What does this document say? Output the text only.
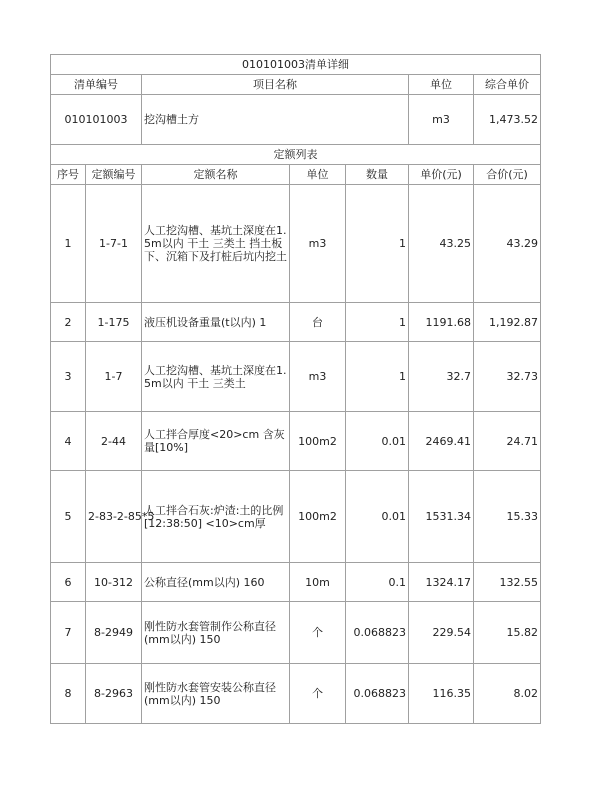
010101003清单详细						
清单编号		项目名称			单位	综合单价
010101003		挖沟槽土方			m3	1,473.52
定额列表						
序号	定额编号	定额名称	单位	数量	单价(元)	合价(元)
1	1-7-1	人工挖沟槽、基坑土深度在1.5m以内 干土 三类土 挡土板下、沉箱下及打桩后坑内挖土	m3	1	43.25	43.29
2	1-175	液压机设备重量(t以内) 1	台	1	1191.68	1,192.87
3	1-7	人工挖沟槽、基坑土深度在1.5m以内 干土 三类土	m3	1	32.7	32.73
4	2-44	人工拌合厚度<20>cm 含灰量[10%]	100m2	0.01	2469.41	24.71
5	2-83-2-85*5	人工拌合石灰:炉渣:土的比例 [12:38:50] <10>cm厚	100m2	0.01	1531.34	15.33
6	10-312	公称直径(mm以内) 160	10m	0.1	1324.17	132.55
7	8-2949	刚性防水套管制作公称直径(mm以内) 150	个	0.068823	229.54	15.82
8	8-2963	刚性防水套管安装公称直径(mm以内) 150	个	0.068823	116.35	8.02
